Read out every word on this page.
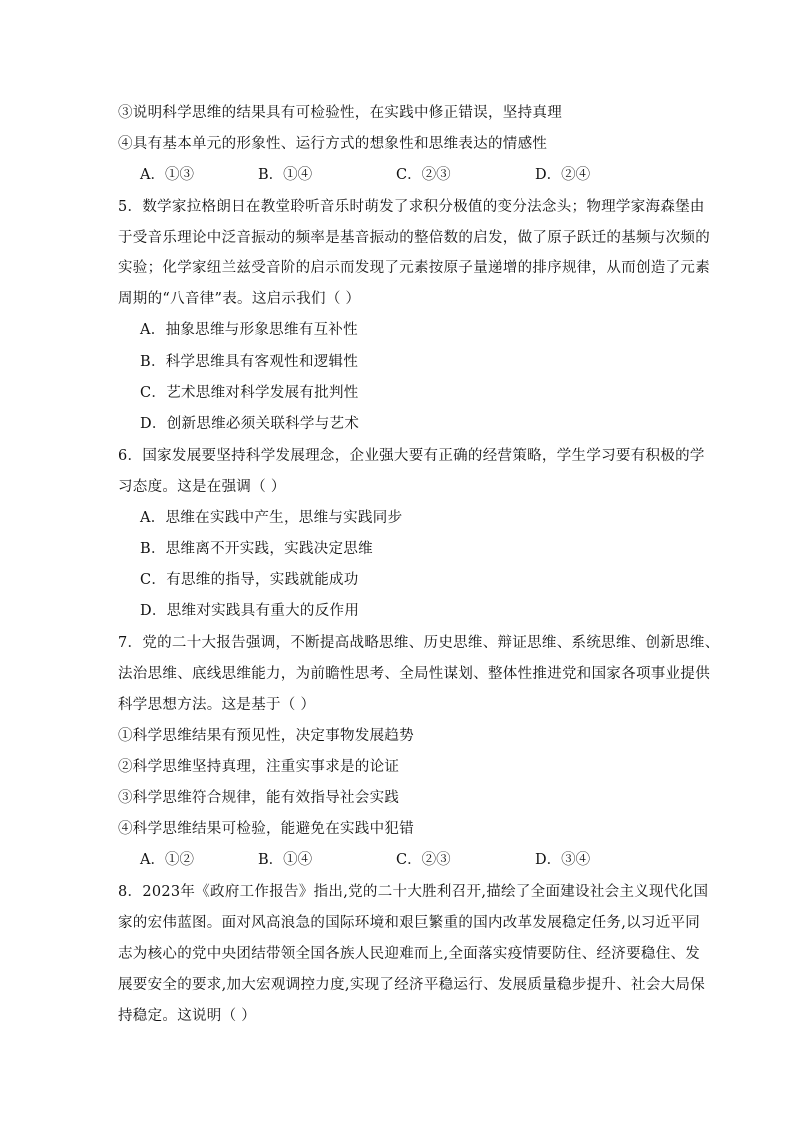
③说明科学思维的结果具有可检验性，在实践中修正错误，坚持真理
④具有基本单元的形象性、运行方式的想象性和思维表达的情感性
A．①③	B．①④	C．②③	D．②④
5．数学家拉格朗日在教堂聆听音乐时萌发了求积分极值的变分法念头；物理学家海森堡由
于受音乐理论中泛音振动的频率是基音振动的整倍数的启发，做了原子跃迁的基频与次频的
实验；化学家纽兰兹受音阶的启示而发现了元素按原子量递增的排序规律，从而创造了元素
周期的“八音律”表。这启示我们（ ）
A．抽象思维与形象思维有互补性
B．科学思维具有客观性和逻辑性
C．艺术思维对科学发展有批判性
D．创新思维必须关联科学与艺术
6．国家发展要坚持科学发展理念，企业强大要有正确的经营策略，学生学习要有积极的学
习态度。这是在强调（ ）
A．思维在实践中产生，思维与实践同步
B．思维离不开实践，实践决定思维
C．有思维的指导，实践就能成功
D．思维对实践具有重大的反作用
7．党的二十大报告强调，不断提高战略思维、历史思维、辩证思维、系统思维、创新思维、
法治思维、底线思维能力，为前瞻性思考、全局性谋划、整体性推进党和国家各项事业提供
科学思想方法。这是基于（ ）
①科学思维结果有预见性，决定事物发展趋势
②科学思维坚持真理，注重实事求是的论证
③科学思维符合规律，能有效指导社会实践
④科学思维结果可检验，能避免在实践中犯错
A．①②	B．①④	C．②③	D．③④
8．2023年《政府工作报告》指出,党的二十大胜利召开,描绘了全面建设社会主义现代化国
家的宏伟蓝图。面对风高浪急的国际环境和艰巨繁重的国内改革发展稳定任务,以习近平同
志为核心的党中央团结带领全国各族人民迎难而上,全面落实疫情要防住、经济要稳住、发
展要安全的要求,加大宏观调控力度,实现了经济平稳运行、发展质量稳步提升、社会大局保
持稳定。这说明（ ）
